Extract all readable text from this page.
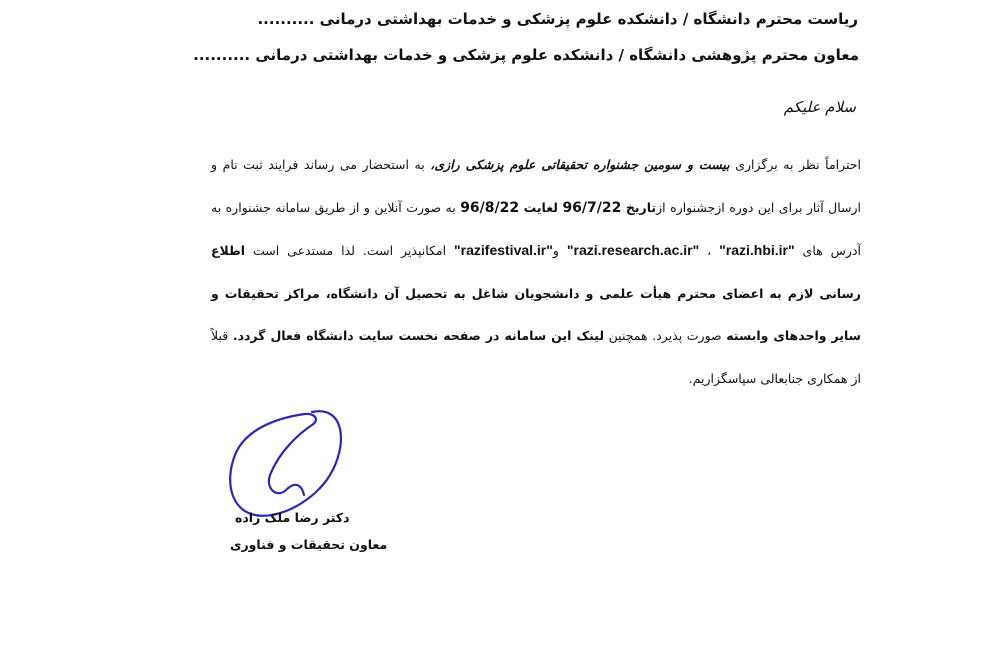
ریاست محترم دانشگاه / دانشکده علوم پزشکی و خدمات بهداشتی درمانی ..........
معاون محترم پژوهشی دانشگاه / دانشکده علوم پزشکی و خدمات بهداشتی درمانی ..........
سلام علیکم
احتراماً نظر به برگزاری بیست و سومین جشنواره تحقیقاتی علوم پزشکی رازی، به استحضار می رساند فرایند ثبت نام و ارسال آثار برای این دوره ازجشنواره ازتاریخ 96/7/22 لغایت 96/8/22 به صورت آنلاین و از طریق سامانه جشنواره به آدرس های "razi.hbi.ir" ، "razi.research.ac.ir" و"razifestival.ir" امکانپذیر است. لذا مستدعی است اطلاع رسانی لازم به اعضای محترم هیأت علمی و دانشجویان شاغل به تحصیل آن دانشگاه، مراکز تحقیقات و سایر واحدهای وابسته صورت پذیرد. همچنین لینک این سامانه در صفحه نخست سایت دانشگاه فعال گردد. قبلاً از همکاری جنابعالی سپاسگزاریم.
دکتر رضا ملک زاده
معاون تحقیقات و فناوری
